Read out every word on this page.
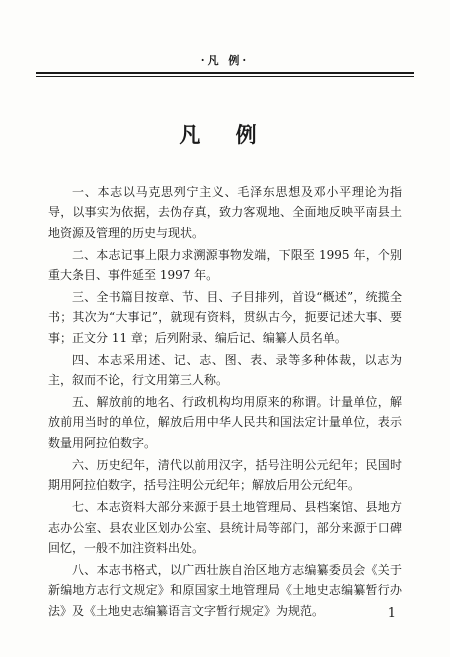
·凡 例·
凡 例

一、本志以马克思列宁主义、毛泽东思想及邓小平理论为指导，以事实为依据，去伪存真，致力客观地、全面地反映平南县土地资源及管理的历史与现状。

二、本志记事上限力求溯源事物发端，下限至 1995 年，个别重大条目、事件延至 1997 年。

三、全书篇目按章、节、目、子目排列，首设“概述”，统揽全书；其次为“大事记”，就现有资料，贯纵古今，扼要记述大事、要事；正文分 11 章；后列附录、编后记、编纂人员名单。

四、本志采用述、记、志、图、表、录等多种体裁，以志为主，叙而不论，行文用第三人称。

五、解放前的地名、行政机构均用原来的称谓。计量单位，解放前用当时的单位，解放后用中华人民共和国法定计量单位，表示数量用阿拉伯数字。

六、历史纪年，清代以前用汉字，括号注明公元纪年；民国时期用阿拉伯数字，括号注明公元纪年；解放后用公元纪年。

七、本志资料大部分来源于县土地管理局、县档案馆、县地方志办公室、县农业区划办公室、县统计局等部门，部分来源于口碑回忆，一般不加注资料出处。

八、本志书格式，以广西壮族自治区地方志编纂委员会《关于新编地方志行文规定》和原国家土地管理局《土地史志编纂暂行办法》及《土地史志编纂语言文字暂行规定》为规范。	1
